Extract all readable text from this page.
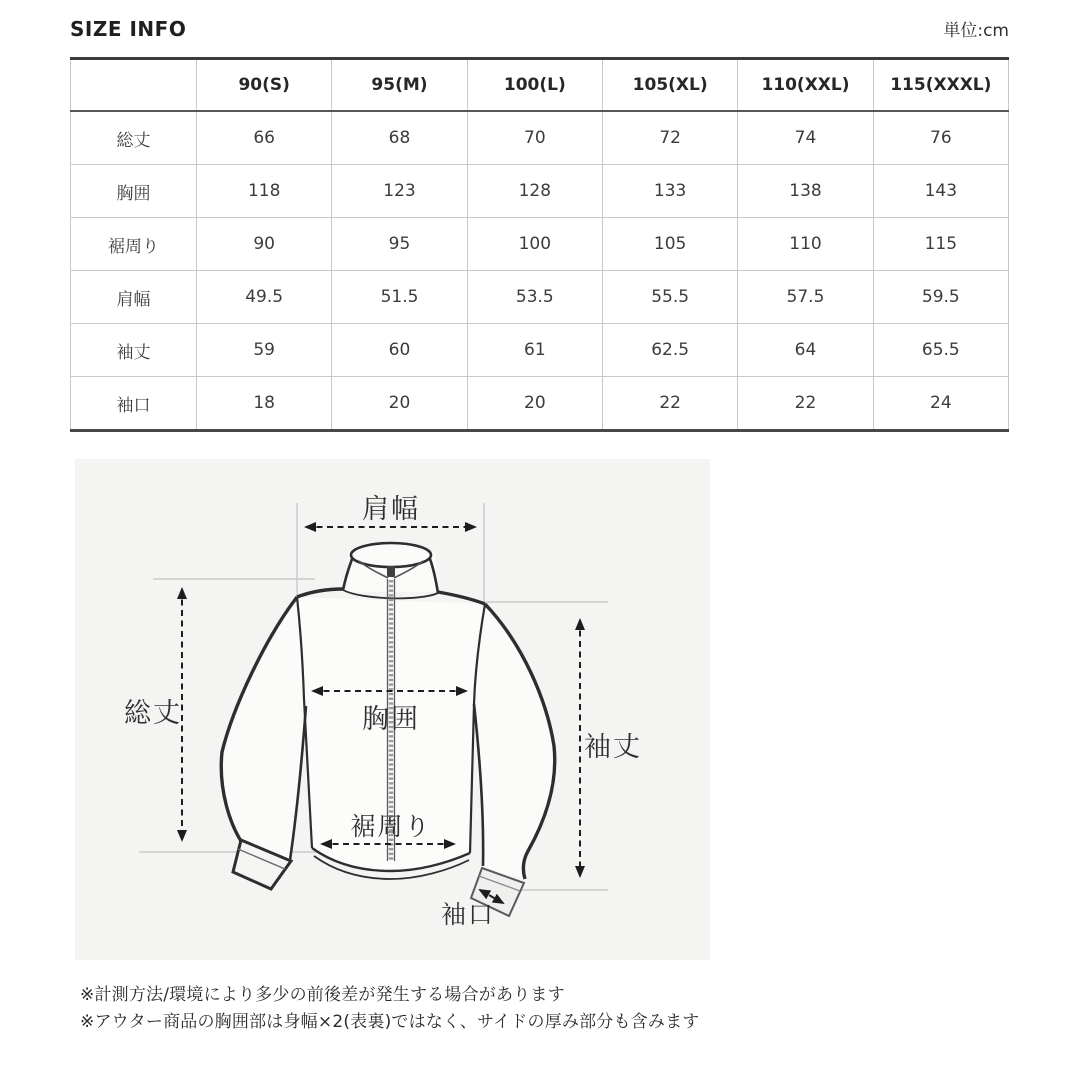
SIZE INFO	単位:cm
	90(S)	95(M)	100(L)	105(XL)	110(XXL)	115(XXXL)
総丈	66	68	70	72	74	76
胸囲	118	123	128	133	138	143
裾周り	90	95	100	105	110	115
肩幅	49.5	51.5	53.5	55.5	57.5	59.5
袖丈	59	60	61	62.5	64	65.5
袖口	18	20	20	22	22	24
肩幅
総丈	胸囲
裾周り
袖丈
袖口
※計測方法/環境により多少の前後差が発生する場合があります
※アウター商品の胸囲部は身幅×2(表裏)ではなく、サイドの厚み部分も含みます
